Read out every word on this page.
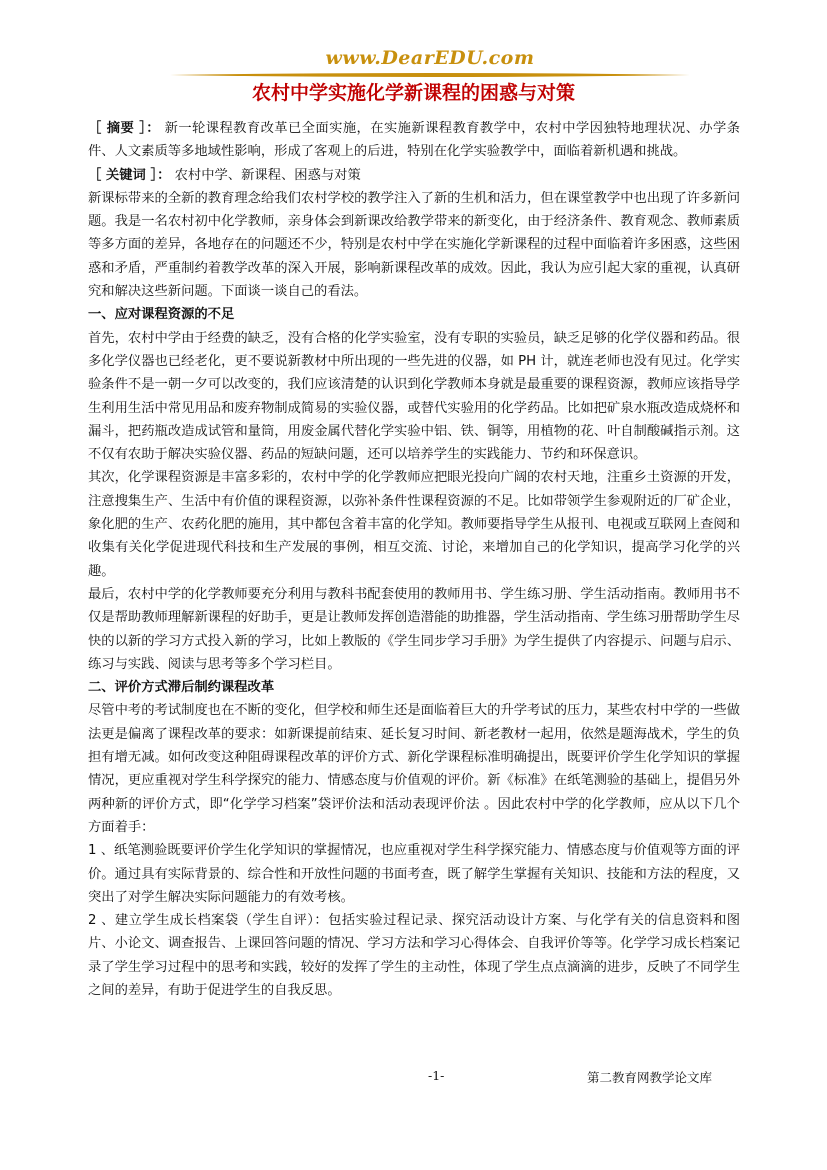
www.DearEDU.com
农村中学实施化学新课程的困惑与对策

［ 摘要 ］： 新一轮课程教育改革已全面实施，在实施新课程教育教学中，农村中学因独特地理状况、办学条件、人文素质等多地域性影响，形成了客观上的后进，特别在化学实验教学中，面临着新机遇和挑战。

［ 关键词 ］： 农村中学、新课程、困惑与对策

新课标带来的全新的教育理念给我们农村学校的教学注入了新的生机和活力，但在课堂教学中也出现了许多新问题。我是一名农村初中化学教师，亲身体会到新课改给教学带来的新变化，由于经济条件、教育观念、教师素质等多方面的差异，各地存在的问题还不少，特别是农村中学在实施化学新课程的过程中面临着许多困惑，这些困惑和矛盾，严重制约着教学改革的深入开展，影响新课程改革的成效。因此，我认为应引起大家的重视，认真研究和解决这些新问题。下面谈一谈自己的看法。

一、应对课程资源的不足

首先，农村中学由于经费的缺乏，没有合格的化学实验室，没有专职的实验员，缺乏足够的化学仪器和药品。很多化学仪器也已经老化，更不要说新教材中所出现的一些先进的仪器，如 PH 计，就连老师也没有见过。化学实验条件不是一朝一夕可以改变的，我们应该清楚的认识到化学教师本身就是最重要的课程资源，教师应该指导学生利用生活中常见用品和废弃物制成简易的实验仪器，或替代实验用的化学药品。比如把矿泉水瓶改造成烧杯和漏斗，把药瓶改造成试管和量筒，用废金属代替化学实验中铝、铁、铜等，用植物的花、叶自制酸碱指示剂。这不仅有农助于解决实验仪器、药品的短缺问题，还可以培养学生的实践能力、节约和环保意识。

其次，化学课程资源是丰富多彩的，农村中学的化学教师应把眼光投向广阔的农村天地，注重乡土资源的开发，注意搜集生产、生活中有价值的课程资源，以弥补条件性课程资源的不足。比如带领学生参观附近的厂矿企业，象化肥的生产、农药化肥的施用，其中都包含着丰富的化学知。教师要指导学生从报刊、电视或互联网上查阅和收集有关化学促进现代科技和生产发展的事例，相互交流、讨论，来增加自己的化学知识，提高学习化学的兴趣。

最后，农村中学的化学教师要充分利用与教科书配套使用的教师用书、学生练习册、学生活动指南。教师用书不仅是帮助教师理解新课程的好助手，更是让教师发挥创造潜能的助推器，学生活动指南、学生练习册帮助学生尽快的以新的学习方式投入新的学习，比如上教版的《学生同步学习手册》为学生提供了内容提示、问题与启示、练习与实践、阅读与思考等多个学习栏目。

二、评价方式滞后制约课程改革

尽管中考的考试制度也在不断的变化，但学校和师生还是面临着巨大的升学考试的压力，某些农村中学的一些做法更是偏离了课程改革的要求：如新课提前结束、延长复习时间、新老教材一起用，依然是题海战术，学生的负担有增无减。如何改变这种阻碍课程改革的评价方式、新化学课程标准明确提出，既要评价学生化学知识的掌握情况，更应重视对学生科学探究的能力、情感态度与价值观的评价。新《标准》在纸笔测验的基础上，提倡另外两种新的评价方式，即“化学学习档案”袋评价法和活动表现评价法 。因此农村中学的化学教师，应从以下几个方面着手：

1 、纸笔测验既要评价学生化学知识的掌握情况，也应重视对学生科学探究能力、情感态度与价值观等方面的评价。通过具有实际背景的、综合性和开放性问题的书面考查，既了解学生掌握有关知识、技能和方法的程度，又突出了对学生解决实际问题能力的有效考核。

2 、建立学生成长档案袋（学生自评）：包括实验过程记录、探究活动设计方案、与化学有关的信息资料和图片、小论文、调查报告、上课回答问题的情况、学习方法和学习心得体会、自我评价等等。化学学习成长档案记录了学生学习过程中的思考和实践，较好的发挥了学生的主动性，体现了学生点点滴滴的进步，反映了不同学生之间的差异，有助于促进学生的自我反思。

-1-	第二教育网教学论文库
